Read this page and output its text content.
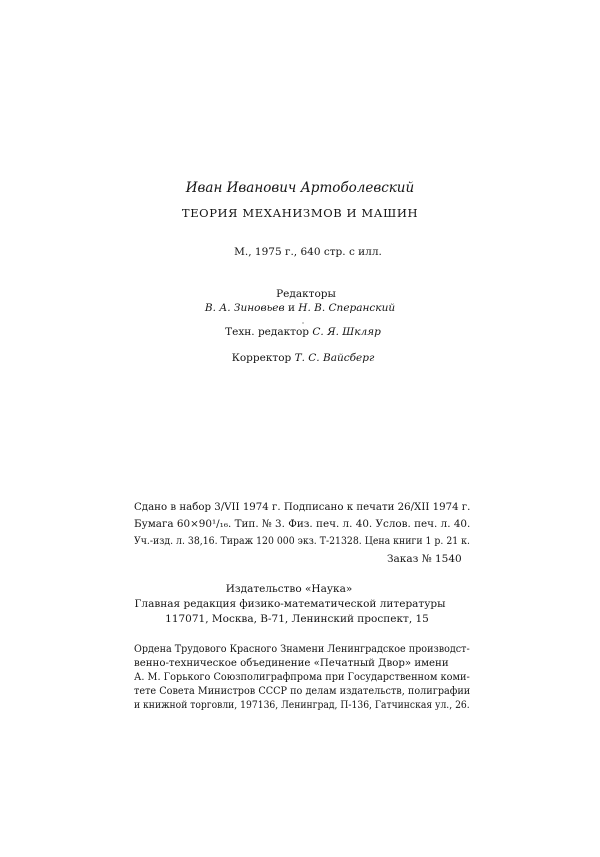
Иван Иванович Артоболевский
ТЕОРИЯ МЕХАНИЗМОВ И МАШИН
М., 1975 г., 640 стр. с илл.
Редакторы
В. А. Зиновьев и Н. В. Сперанский
·
Техн. редактор С. Я. Шкляр
Корректор Т. С. Вайсберг
Сдано в набор 3/VII 1974 г. Подписано к печати 26/XII 1974 г.
Бумага 60×90¹/₁₆. Тип. № 3. Физ. печ. л. 40. Услов. печ. л. 40.
Уч.-изд. л. 38,16. Тираж 120 000 экз. Т-21328. Цена книги 1 р. 21 к.
Заказ № 1540
Издательство «Наука»
Главная редакция физико-математической литературы
117071, Москва, В-71, Ленинский проспект, 15
Ордена Трудового Красного Знамени Ленинградское производст-
венно-техническое объединение «Печатный Двор» имени
А. М. Горького Союзполиграфпрома при Государственном коми-
тете Совета Министров СССР по делам издательств, полиграфии
и книжной торговли, 197136, Ленинград, П-136, Гатчинская ул., 26.
